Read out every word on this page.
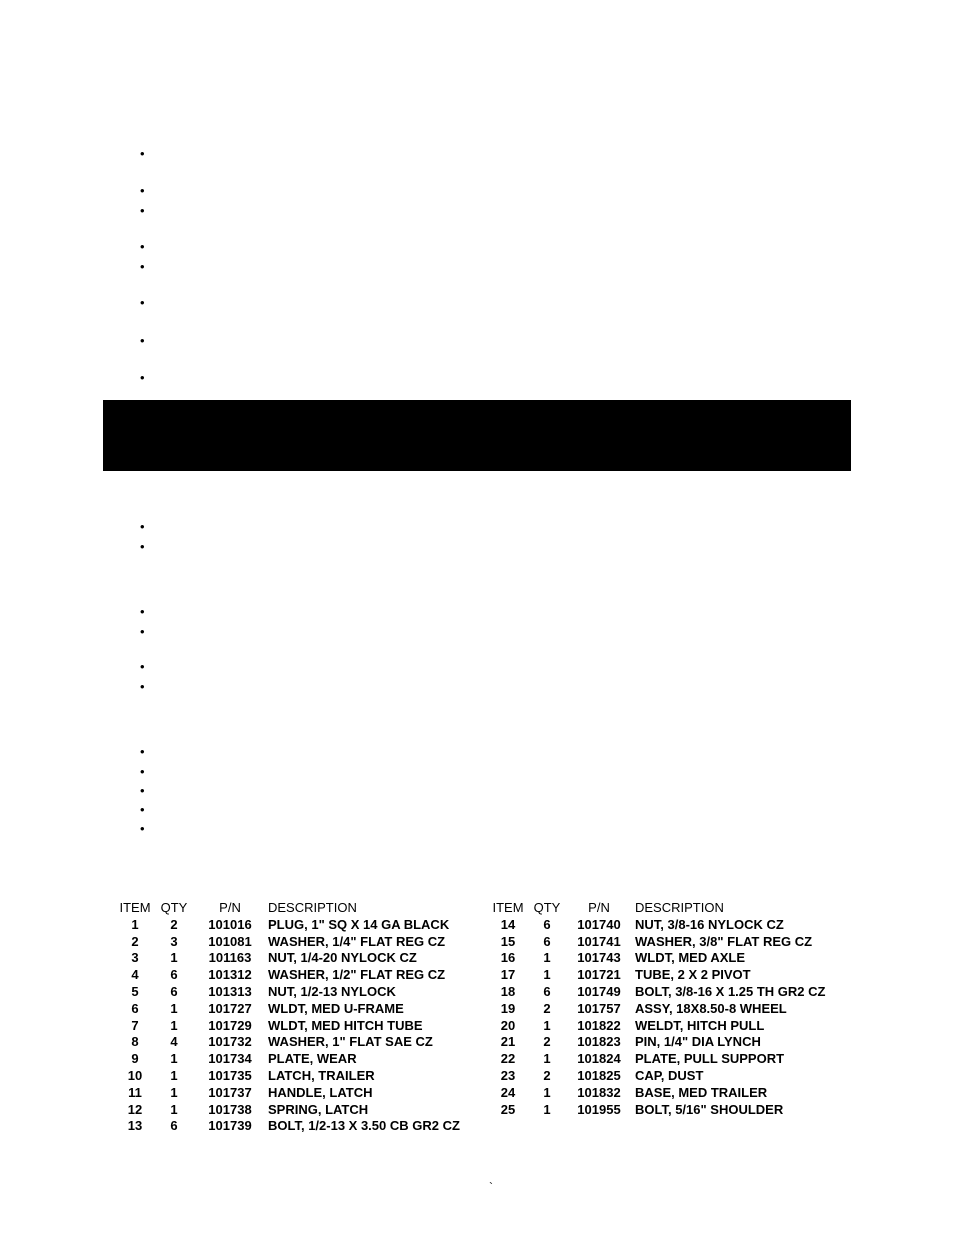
•
•
•
•
•
•
•
•
•
•
•
•
•
•
•
•
•
•
•
ITEM QTY	P/N	DESCRIPTION
1	2	101016	PLUG, 1" SQ X 14 GA BLACK
2	3	101081	WASHER, 1/4" FLAT REG CZ
3	1	101163	NUT, 1/4-20 NYLOCK CZ
4	6	101312	WASHER, 1/2" FLAT REG CZ
5	6	101313	NUT, 1/2-13 NYLOCK
6	1	101727	WLDT, MED U-FRAME
7	1	101729	WLDT, MED HITCH TUBE
8	4	101732	WASHER, 1" FLAT SAE CZ
9	1	101734	PLATE, WEAR
10	1	101735	LATCH, TRAILER
11	1	101737	HANDLE, LATCH
12	1	101738	SPRING, LATCH
13	6	101739	BOLT, 1/2-13 X 3.50 CB GR2 CZ
ITEM QTY	P/N	DESCRIPTION
14	6	101740	NUT, 3/8-16 NYLOCK CZ
15	6	101741	WASHER, 3/8" FLAT REG CZ
16	1	101743	WLDT, MED AXLE
17	1	101721	TUBE, 2 X 2 PIVOT
18	6	101749	BOLT, 3/8-16 X 1.25 TH GR2 CZ
19	2	101757	ASSY, 18X8.50-8 WHEEL
20	1	101822	WELDT, HITCH PULL
21	2	101823	PIN, 1/4" DIA LYNCH
22	1	101824	PLATE, PULL SUPPORT
23	2	101825	CAP, DUST
24	1	101832	BASE, MED TRAILER
25	1	101955	BOLT, 5/16" SHOULDER
`
